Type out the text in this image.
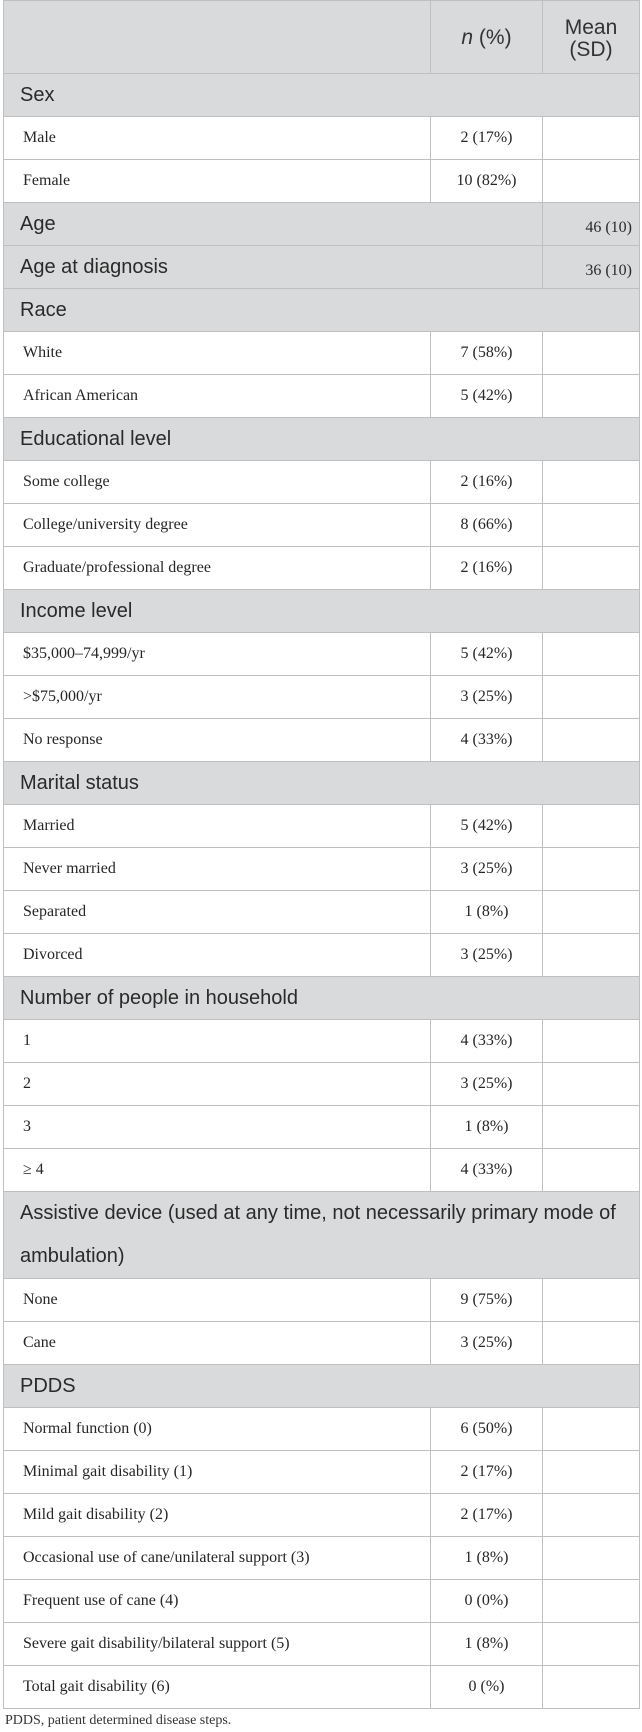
	n (%)	Mean
(SD)
Sex		
Male	2 (17%)	
Female	10 (82%)	
Age		46 (10)
Age at diagnosis		36 (10)
Race		
White	7 (58%)	
African American	5 (42%)	
Educational level		
Some college	2 (16%)	
College/university degree	8 (66%)	
Graduate/professional degree	2 (16%)	
Income level		
$35,000–74,999/yr	5 (42%)	
>$75,000/yr	3 (25%)	
No response	4 (33%)	
Marital status		
Married	5 (42%)	
Never married	3 (25%)	
Separated	1 (8%)	
Divorced	3 (25%)	
Number of people in household		
1	4 (33%)	
2	3 (25%)	
3	1 (8%)	
≥ 4	4 (33%)	
Assistive device (used at any time, not necessarily primary mode of ambulation)		
None	9 (75%)	
Cane	3 (25%)	
PDDS		
Normal function (0)	6 (50%)	
Minimal gait disability (1)	2 (17%)	
Mild gait disability (2)	2 (17%)	
Occasional use of cane/unilateral support (3)	1 (8%)	
Frequent use of cane (4)	0 (0%)	
Severe gait disability/bilateral support (5)	1 (8%)	
Total gait disability (6)	0 (%)	
PDDS, patient determined disease steps.
